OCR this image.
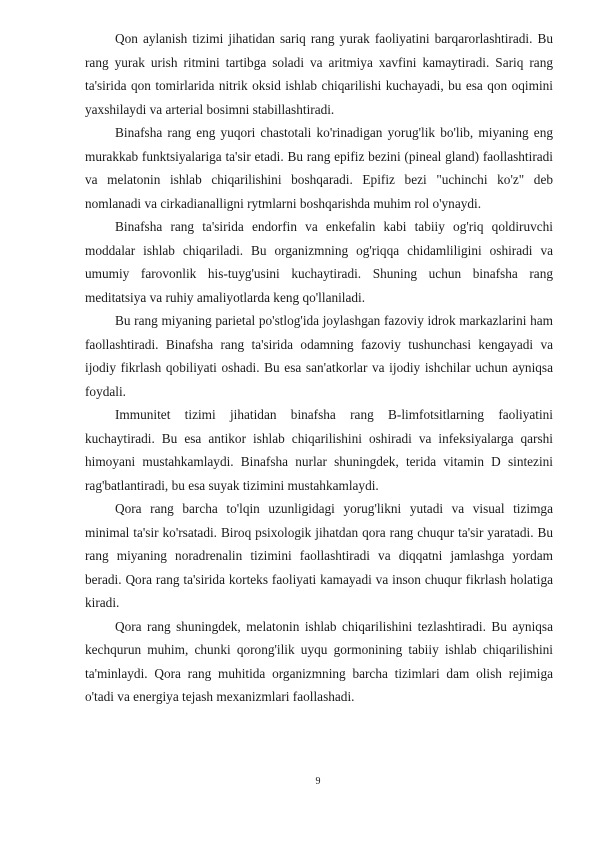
Qon aylanish tizimi jihatidan sariq rang yurak faoliyatini barqarorlashtiradi. Bu rang yurak urish ritmini tartibga soladi va aritmiya xavfini kamaytiradi. Sariq rang ta'sirida qon tomirlarida nitrik oksid ishlab chiqarilishi kuchayadi, bu esa qon oqimini yaxshilaydi va arterial bosimni stabillashtiradi.

Binafsha rang eng yuqori chastotali ko'rinadigan yorug'lik bo'lib, miyaning eng murakkab funktsiyalariga ta'sir etadi. Bu rang epifiz bezini (pineal gland) faollashtiradi va melatonin ishlab chiqarilishini boshqaradi. Epifiz bezi "uchinchi ko'z" deb nomlanadi va cirkadianalligni rytmlarni boshqarishda muhim rol o'ynaydi.

Binafsha rang ta'sirida endorfin va enkefalin kabi tabiiy og'riq qoldiruvchi moddalar ishlab chiqariladi. Bu organizmning og'riqqa chidamliligini oshiradi va umumiy farovonlik his-tuyg'usini kuchaytiradi. Shuning uchun binafsha rang meditatsiya va ruhiy amaliyotlarda keng qo'llaniladi.

Bu rang miyaning parietal po'stlog'ida joylashgan fazoviy idrok markazlarini ham faollashtiradi. Binafsha rang ta'sirida odamning fazoviy tushunchasi kengayadi va ijodiy fikrlash qobiliyati oshadi. Bu esa san'atkorlar va ijodiy ishchilar uchun ayniqsa foydali.

Immunitet tizimi jihatidan binafsha rang B-limfotsitlarning faoliyatini kuchaytiradi. Bu esa antikor ishlab chiqarilishini oshiradi va infeksiyalarga qarshi himoyani mustahkamlaydi. Binafsha nurlar shuningdek, terida vitamin D sintezini rag'batlantiradi, bu esa suyak tizimini mustahkamlaydi.

Qora rang barcha to'lqin uzunligidagi yorug'likni yutadi va visual tizimga minimal ta'sir ko'rsatadi. Biroq psixologik jihatdan qora rang chuqur ta'sir yaratadi. Bu rang miyaning noradrenalin tizimini faollashtiradi va diqqatni jamlashga yordam beradi. Qora rang ta'sirida korteks faoliyati kamayadi va inson chuqur fikrlash holatiga kiradi.

Qora rang shuningdek, melatonin ishlab chiqarilishini tezlashtiradi. Bu ayniqsa kechqurun muhim, chunki qorong'ilik uyqu gormonining tabiiy ishlab chiqarilishini ta'minlaydi. Qora rang muhitida organizmning barcha tizimlari dam olish rejimiga o'tadi va energiya tejash mexanizmlari faollashadi.

9
